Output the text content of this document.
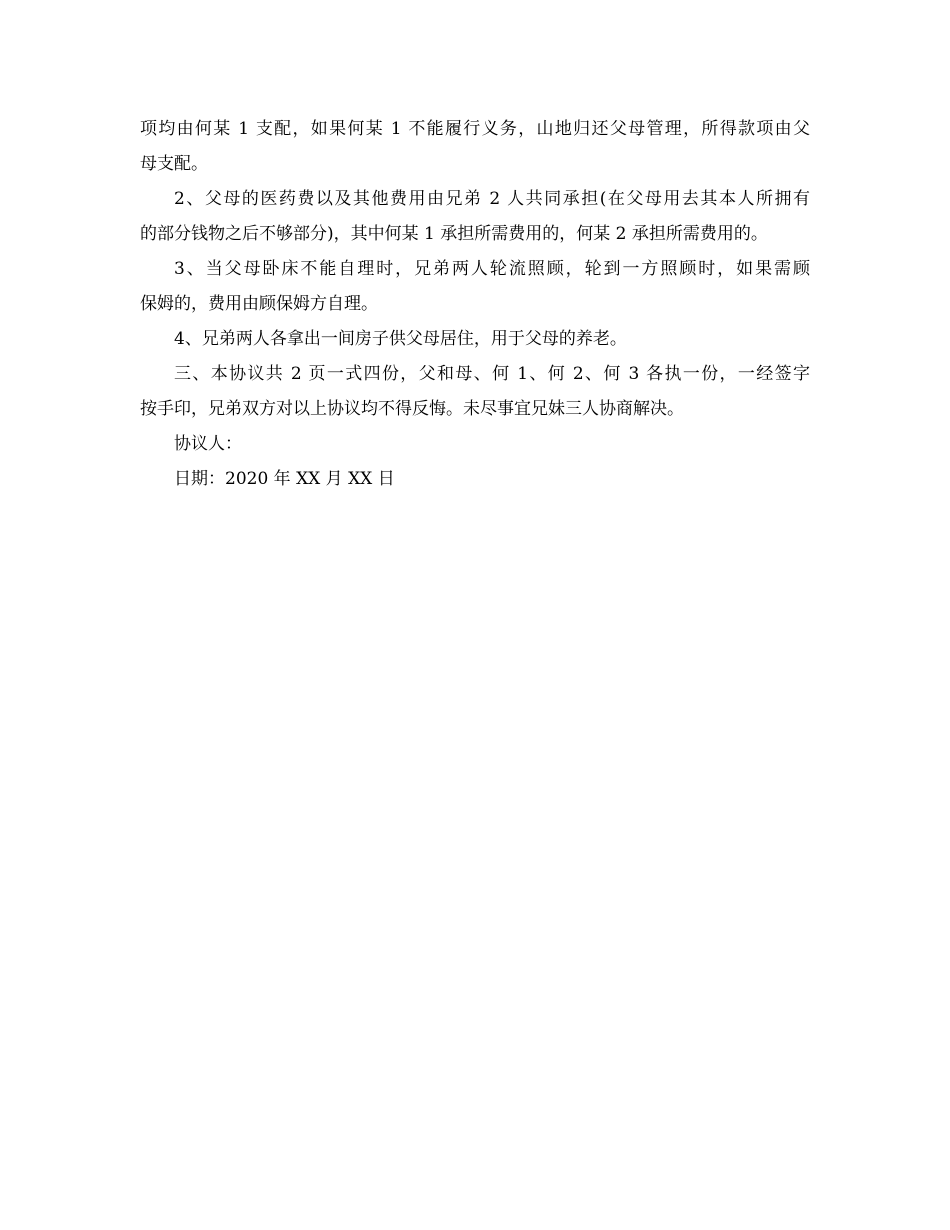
项均由何某 1 支配，如果何某 1 不能履行义务，山地归还父母管理，所得款项由父
母支配。

2、父母的医药费以及其他费用由兄弟 2 人共同承担(在父母用去其本人所拥有
的部分钱物之后不够部分)，其中何某 1 承担所需费用的，何某 2 承担所需费用的。

3、当父母卧床不能自理时，兄弟两人轮流照顾，轮到一方照顾时，如果需顾
保姆的，费用由顾保姆方自理。

4、兄弟两人各拿出一间房子供父母居住，用于父母的养老。

三、本协议共 2 页一式四份，父和母、何 1、何 2、何 3 各执一份，一经签字
按手印，兄弟双方对以上协议均不得反悔。未尽事宜兄妹三人协商解决。

协议人：

日期：2020 年 XX 月 XX 日
